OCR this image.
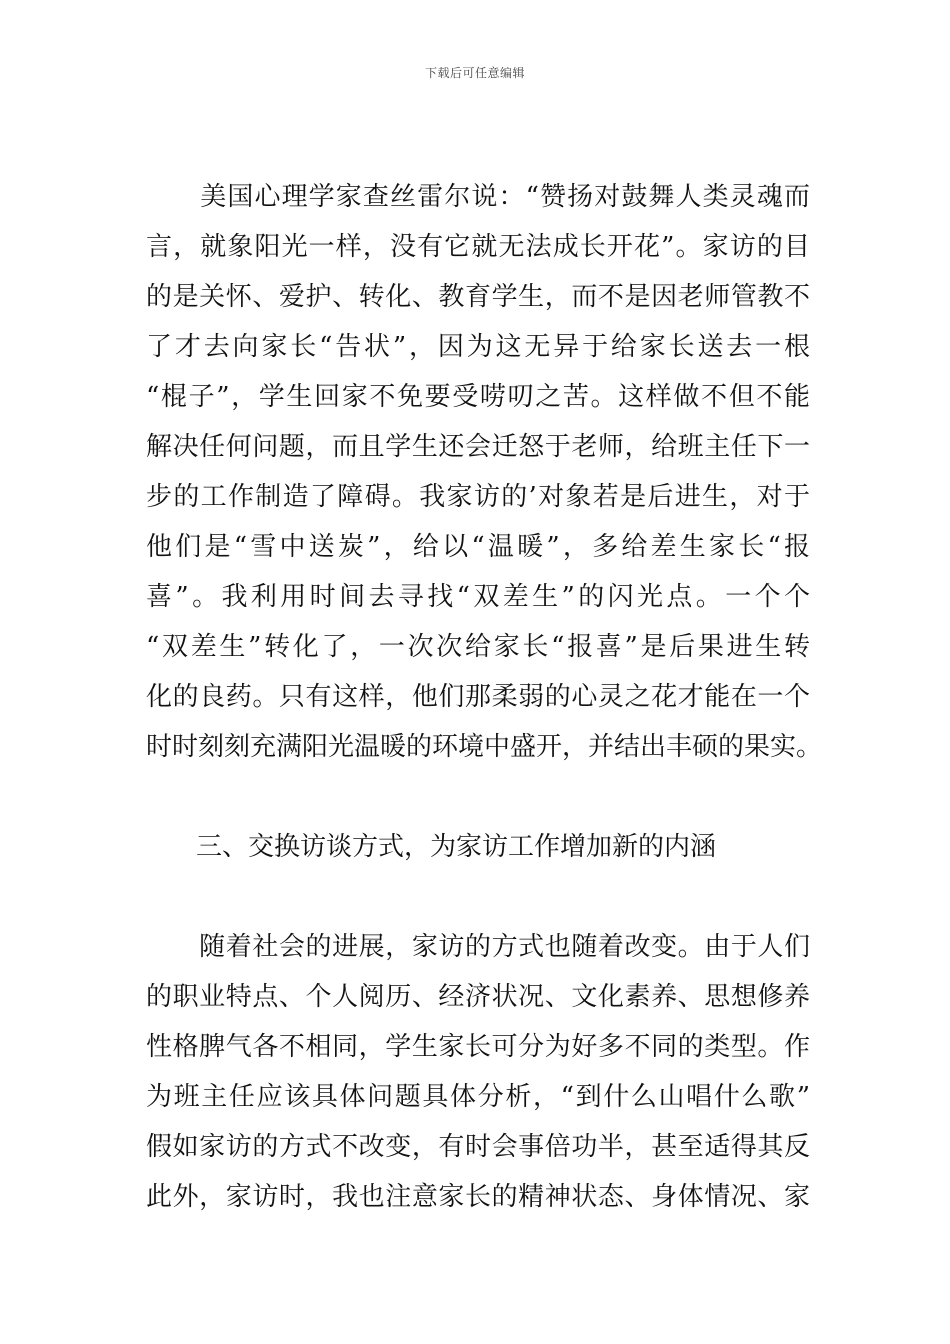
下载后可任意编辑
　　美国心理学家查丝雷尔说：“赞扬对鼓舞人类灵魂而
言，就象阳光一样，没有它就无法成长开花”。家访的目
的是关怀、爱护、转化、教育学生，而不是因老师管教不
了才去向家长“告状”，因为这无异于给家长送去一根
“棍子”，学生回家不免要受唠叨之苦。这样做不但不能
解决任何问题，而且学生还会迁怒于老师，给班主任下一
步的工作制造了障碍。我家访的’对象若是后进生，对于
他们是“雪中送炭”，给以“温暖”，多给差生家长“报
喜”。我利用时间去寻找“双差生”的闪光点。一个个
“双差生”转化了，一次次给家长“报喜”是后果进生转
化的良药。只有这样，他们那柔弱的心灵之花才能在一个
时时刻刻充满阳光温暖的环境中盛开，并结出丰硕的果实。
三、交换访谈方式，为家访工作增加新的内涵
　　随着社会的进展，家访的方式也随着改变。由于人们
的职业特点、个人阅历、经济状况、文化素养、思想修养
性格脾气各不相同，学生家长可分为好多不同的类型。作
为班主任应该具体问题具体分析，“到什么山唱什么歌”
假如家访的方式不改变，有时会事倍功半，甚至适得其反
此外，家访时，我也注意家长的精神状态、身体情况、家
